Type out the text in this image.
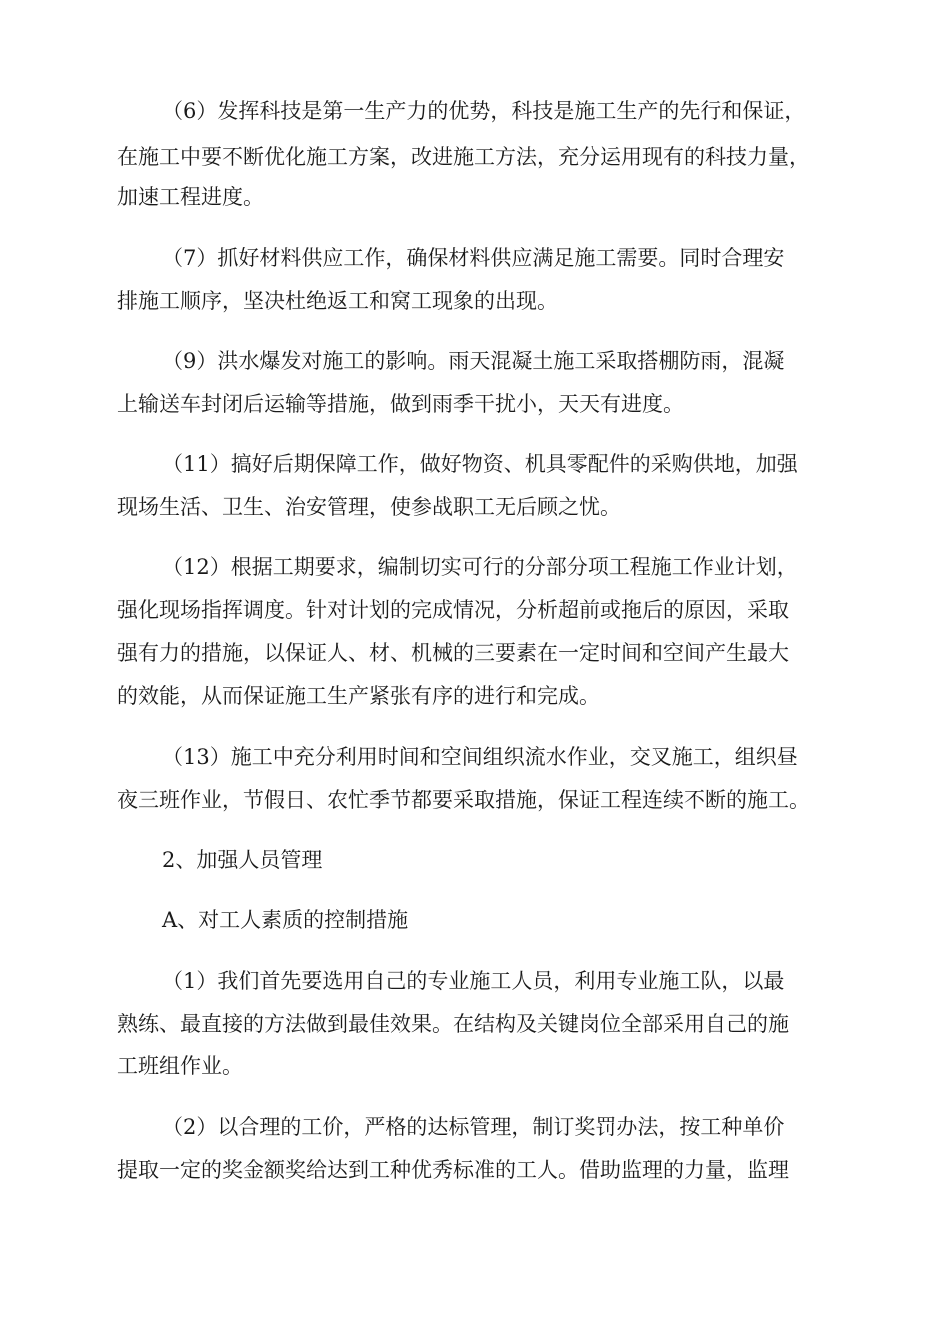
（6）发挥科技是第一生产力的优势，科技是施工生产的先行和保证，

在施工中要不断优化施工方案，改进施工方法，充分运用现有的科技力量，

加速工程进度。

（7）抓好材料供应工作，确保材料供应满足施工需要。同时合理安

排施工顺序，坚决杜绝返工和窝工现象的出现。

（9）洪水爆发对施工的影响。雨天混凝土施工采取搭棚防雨，混凝

上输送车封闭后运输等措施，做到雨季干扰小，天天有进度。

（11）搞好后期保障工作，做好物资、机具零配件的采购供地，加强

现场生活、卫生、治安管理，使参战职工无后顾之忧。

（12）根据工期要求，编制切实可行的分部分项工程施工作业计划，

强化现场指挥调度。针对计划的完成情况，分析超前或拖后的原因，采取

强有力的措施，以保证人、材、机械的三要素在一定时间和空间产生最大

的效能，从而保证施工生产紧张有序的进行和完成。

（13）施工中充分利用时间和空间组织流水作业，交叉施工，组织昼

夜三班作业，节假日、农忙季节都要采取措施，保证工程连续不断的施工。

2、加强人员管理

A、对工人素质的控制措施

（1）我们首先要选用自己的专业施工人员，利用专业施工队，以最

熟练、最直接的方法做到最佳效果。在结构及关键岗位全部采用自己的施

工班组作业。

（2）以合理的工价，严格的达标管理，制订奖罚办法，按工种单价

提取一定的奖金额奖给达到工种优秀标准的工人。借助监理的力量，监理
